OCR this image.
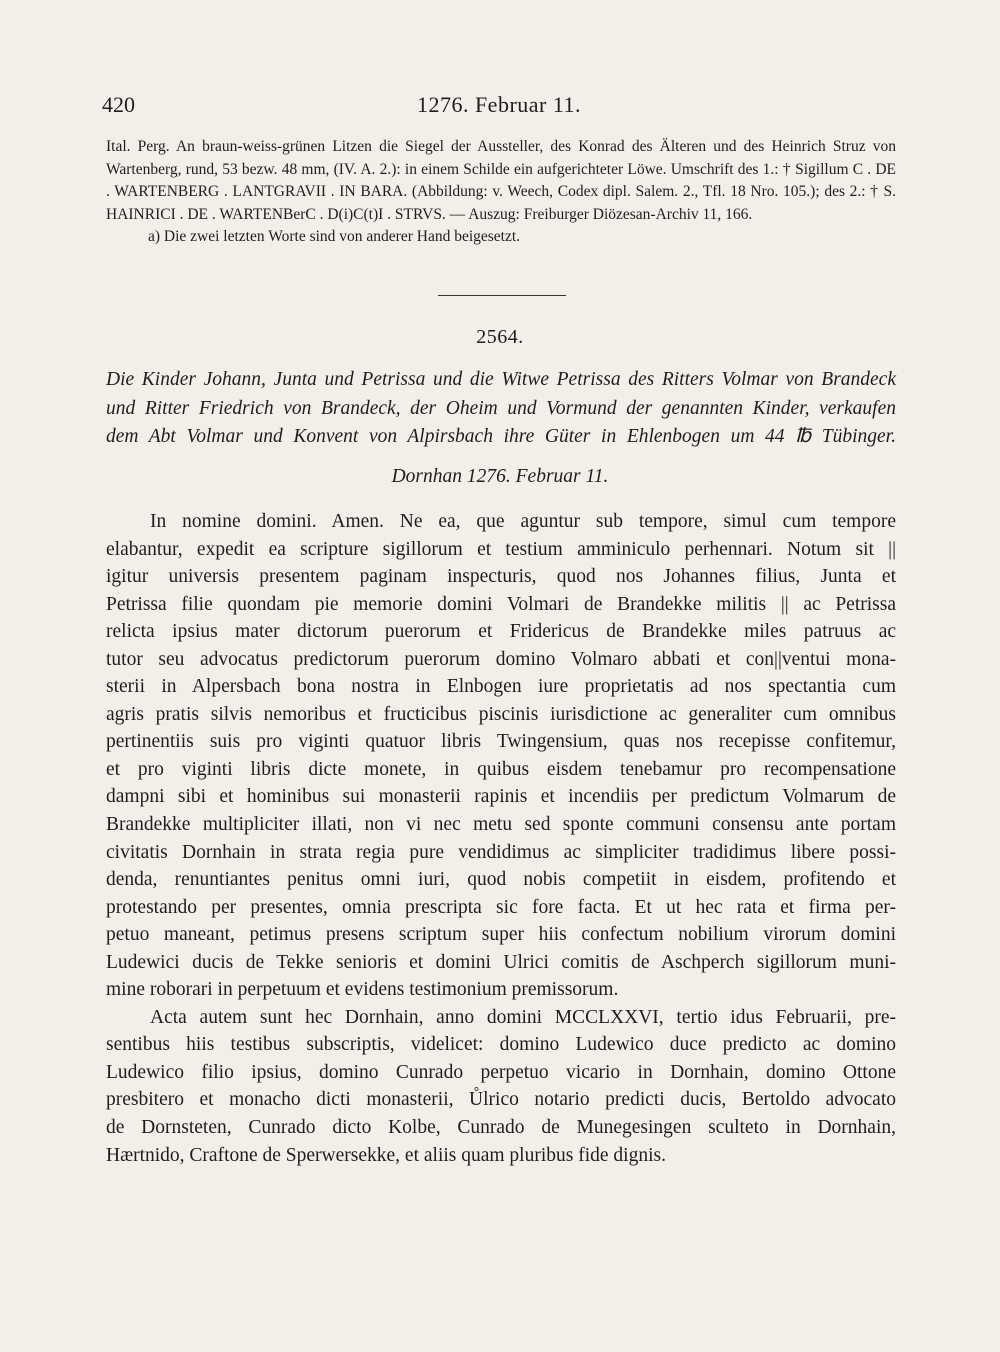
420	1276. Februar 11.

Ital. Perg. An braun-weiss-grünen Litzen die Siegel der Aussteller, des Konrad des Älteren und des Heinrich Struz von Wartenberg, rund, 53 bezw. 48 mm, (IV. A. 2.): in einem Schilde ein aufgerichteter Löwe. Umschrift des 1.: † Sigillum C . DE . WARTENBERG . LANTGRAVII . IN BARA. (Abbildung: v. Weech, Codex dipl. Salem. 2., Tfl. 18 Nro. 105.); des 2.: † S. HAINRICI . DE . WARTENBerC . D(i)C(t)I . STRVS. — Auszug: Freiburger Diözesan-Archiv 11, 166.

a) Die zwei letzten Worte sind von anderer Hand beigesetzt.

2564.
Die Kinder Johann, Junta und Petrissa und die Witwe Petrissa des Ritters Volmar von Brandeck
und Ritter Friedrich von Brandeck, der Oheim und Vormund der genannten Kinder, verkaufen
dem Abt Volmar und Konvent von Alpirsbach ihre Güter in Ehlenbogen um 44 ℔ Tübinger.
Dornhan 1276. Februar 11.
In nomine domini. Amen. Ne ea, que aguntur sub tempore, simul cum tempore
elabantur, expedit ea scripture sigillorum et testium amminiculo perhennari. Notum sit ||
igitur universis presentem paginam inspecturis, quod nos Johannes filius, Junta et
Petrissa filie quondam pie memorie domini Volmari de Brandekke militis || ac Petrissa
relicta ipsius mater dictorum puerorum et Fridericus de Brandekke miles patruus ac
tutor seu advocatus predictorum puerorum domino Volmaro abbati et con||ventui mona-
sterii in Alpersbach bona nostra in Elnbogen iure proprietatis ad nos spectantia cum
agris pratis silvis nemoribus et fructicibus piscinis iurisdictione ac generaliter cum omnibus
pertinentiis suis pro viginti quatuor libris Twingensium, quas nos recepisse confitemur,
et pro viginti libris dicte monete, in quibus eisdem tenebamur pro recompensatione
dampni sibi et hominibus sui monasterii rapinis et incendiis per predictum Volmarum de
Brandekke multipliciter illati, non vi nec metu sed sponte communi consensu ante portam
civitatis Dornhain in strata regia pure vendidimus ac simpliciter tradidimus libere possi-
denda, renuntiantes penitus omni iuri, quod nobis competiit in eisdem, profitendo et
protestando per presentes, omnia prescripta sic fore facta. Et ut hec rata et firma per-
petuo maneant, petimus presens scriptum super hiis confectum nobilium virorum domini
Ludewici ducis de Tekke senioris et domini Ulrici comitis de Aschperch sigillorum muni-
mine roborari in perpetuum et evidens testimonium premissorum.
Acta autem sunt hec Dornhain, anno domini MCCLXXVI, tertio idus Februarii, pre-
sentibus hiis testibus subscriptis, videlicet: domino Ludewico duce predicto ac domino
Ludewico filio ipsius, domino Cunrado perpetuo vicario in Dornhain, domino Ottone
presbitero et monacho dicti monasterii, Ůlrico notario predicti ducis, Bertoldo advocato
de Dornsteten, Cunrado dicto Kolbe, Cunrado de Munegesingen sculteto in Dornhain,
Hærtnido, Craftone de Sperwersekke, et aliis quam pluribus fide dignis.
